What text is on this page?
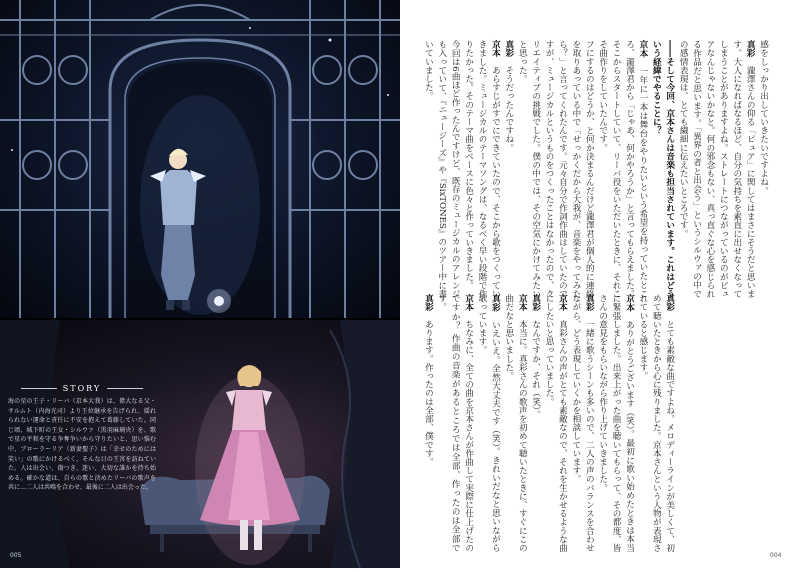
STORY

海の星の王子・リーバ（京本大我）は、偉大なる父・サルムト（内海光司）より王位継承を告げられ、揺れられない運命と責任に不安を抱えて葛藤していた。同じ頃、城下町の王女・シルウァ（黒羽麻璃央）を、歌で星の平和を守る争奪争いから守りたいと、思い悩む中、ブローラーリア（新妻聖子）は「幸せのためには笑い」の歌にかけるべく、そんな日の王宮を訪ねていた。人は出会い、傷つき、迷い、大切な誰かを持ち始める。確かな道は、自らの歌と決めたリーバの歌声を共に…二人は共鳴を合わせ、最後に二人は出会った。

005

感をしっかり出していきたいですよね。

真彩　瀧澤さんの仰る「ピュア」に関してはまさにそうだと思います。大人になればなるほど、自分の気持ちを素直に出せなくなってしまうことがありますよね。ストレートにつながっているのがピュアなんじゃないかなと。何の邪念もない、真っ直ぐな心を感じられる作品だと思います。「異界の者と出会う」というシルウァの中での感情表現は、とても繊細に伝えたいところです。

――そして今回、京本さんは音楽も担当されています。これはどういう経緯でやることに？

京本　一年に一本は舞台をやりたいという希望を持っていたところ、瀧澤君から「じゃあ、何かやろうか」と言ってもらえました。そこからスタートしていて、リーバ役をいただいたときに、それこそ曲作りをしていたんです。

フにするのはどうか、と何か決まるんだけど瀧澤君が個人的に連絡を取りあっている中で「せっかくだから大我が、音楽をやってみたら？」と言ってくれたんです。元々自分で作詞作曲はしていたのですが、ミュージカルというものをつくったことはなかったので、クリエイティブの挑戦でした。僕の中では、その空気にかけてみたいと思った。

真彩　そうだったんですね。

京本　あらすじがすでにできていたので、そこから歌をつくっていきました。ミュージカルのテーマソングは、なるべく早い段階で作りたかった。そのテーマ曲をベースに色々と作っていきました。

今回は6曲ほど作ったんですけど、既存のミュージカルのアレンジも入っていて、『ニュージーズ』や『SixTONES』のツアー中に書いていました。

真彩　とても素敵な曲ですよね。メロディーラインが美しくて、初めて聴いたときから心に残りました。京本さんという人物が表現されていると感じます。

京本　ありがとうございます（笑）。最初に歌い始めたときは本当に緊張しました。出来上がった曲を聴いてもらって、その都度、皆さんの意見をもらいながら作り上げていきました。

真彩　一緒に歌うシーンも多いので、二人の声のバランスを合わせながら、どう表現していくかを相談しています。

京本　真彩さんの声がとても素敵なので、それを生かせるような曲にしたいと思っていました。

真彩　なんですか、それ（笑）。

京本　本当に。真彩さんの歌声を初めて聴いたときに、すぐにこの曲だなと思いました。

真彩　いえいえ。全然大丈夫です（笑）。きれいだなと思いながら歌っています。

京本　ちなみに、全ての曲を京本さんが作曲して実際に仕上げたのですか？ 作曲の音楽があるところでは全部、作ったのは全部です。

真彩　あります。作ったのは全部、僕です。

004
